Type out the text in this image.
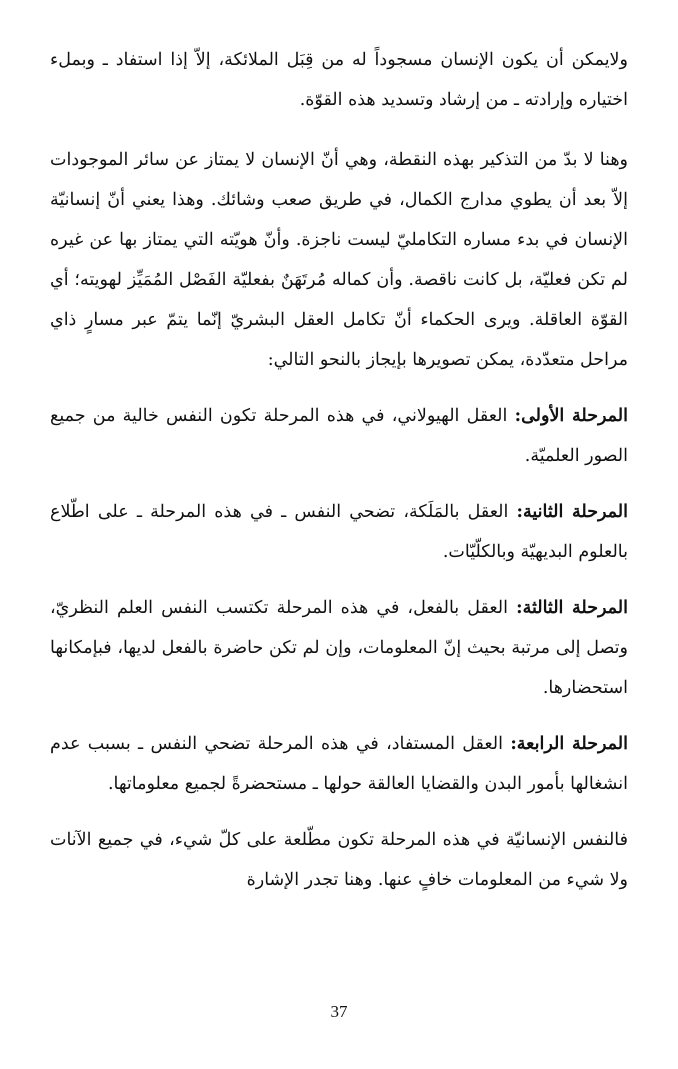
ولايمكن أن يكون الإنسان مسجوداً له من قِبَل الملائكة، إلاّ إذا استفاد ـ وبملء اختياره وإرادته ـ من إرشاد وتسديد هذه القوّة.

وهنا لا بدّ من التذكير بهذه النقطة، وهي أنّ الإنسان لا يمتاز عن سائر الموجودات إلاّ بعد أن يطوي مدارج الكمال، في طريق صعب وشائك. وهذا يعني أنّ إنسانيّة الإنسان في بدء مساره التكامليّ ليست ناجزة. وأنّ هويّته التي يمتاز بها عن غيره لم تكن فعليّة، بل كانت ناقصة. وأن كماله مُرتَهَنٌ بفعليّة الفَصْل المُمَيِّز لهويته؛ أي القوّة العاقلة. ويرى الحكماء أنّ تكامل العقل البشريّ إنّما يتمّ عبر مسارٍ ذاي مراحل متعدّدة، يمكن تصويرها بإيجاز بالنحو التالي:

المرحلة الأولى: العقل الهيولاني، في هذه المرحلة تكون النفس خالية من جميع الصور العلميّة.

المرحلة الثانية: العقل بالمَلَكة، تضحي النفس ـ في هذه المرحلة ـ على اطّلاع بالعلوم البديهيّة وبالكلّيّات.

المرحلة الثالثة: العقل بالفعل، في هذه المرحلة تكتسب النفس العلم النظريّ، وتصل إلى مرتبة بحيث إنّ المعلومات، وإن لم تكن حاضرة بالفعل لديها، فبإمكانها استحضارها.

المرحلة الرابعة: العقل المستفاد، في هذه المرحلة تضحي النفس ـ بسبب عدم انشغالها بأمور البدن والقضايا العالقة حولها ـ مستحضرةً لجميع معلوماتها.

فالنفس الإنسانيّة في هذه المرحلة تكون مطّلعة على كلّ شيء، في جميع الآنات ولا شيء من المعلومات خافٍ عنها. وهنا تجدر الإشارة

37
